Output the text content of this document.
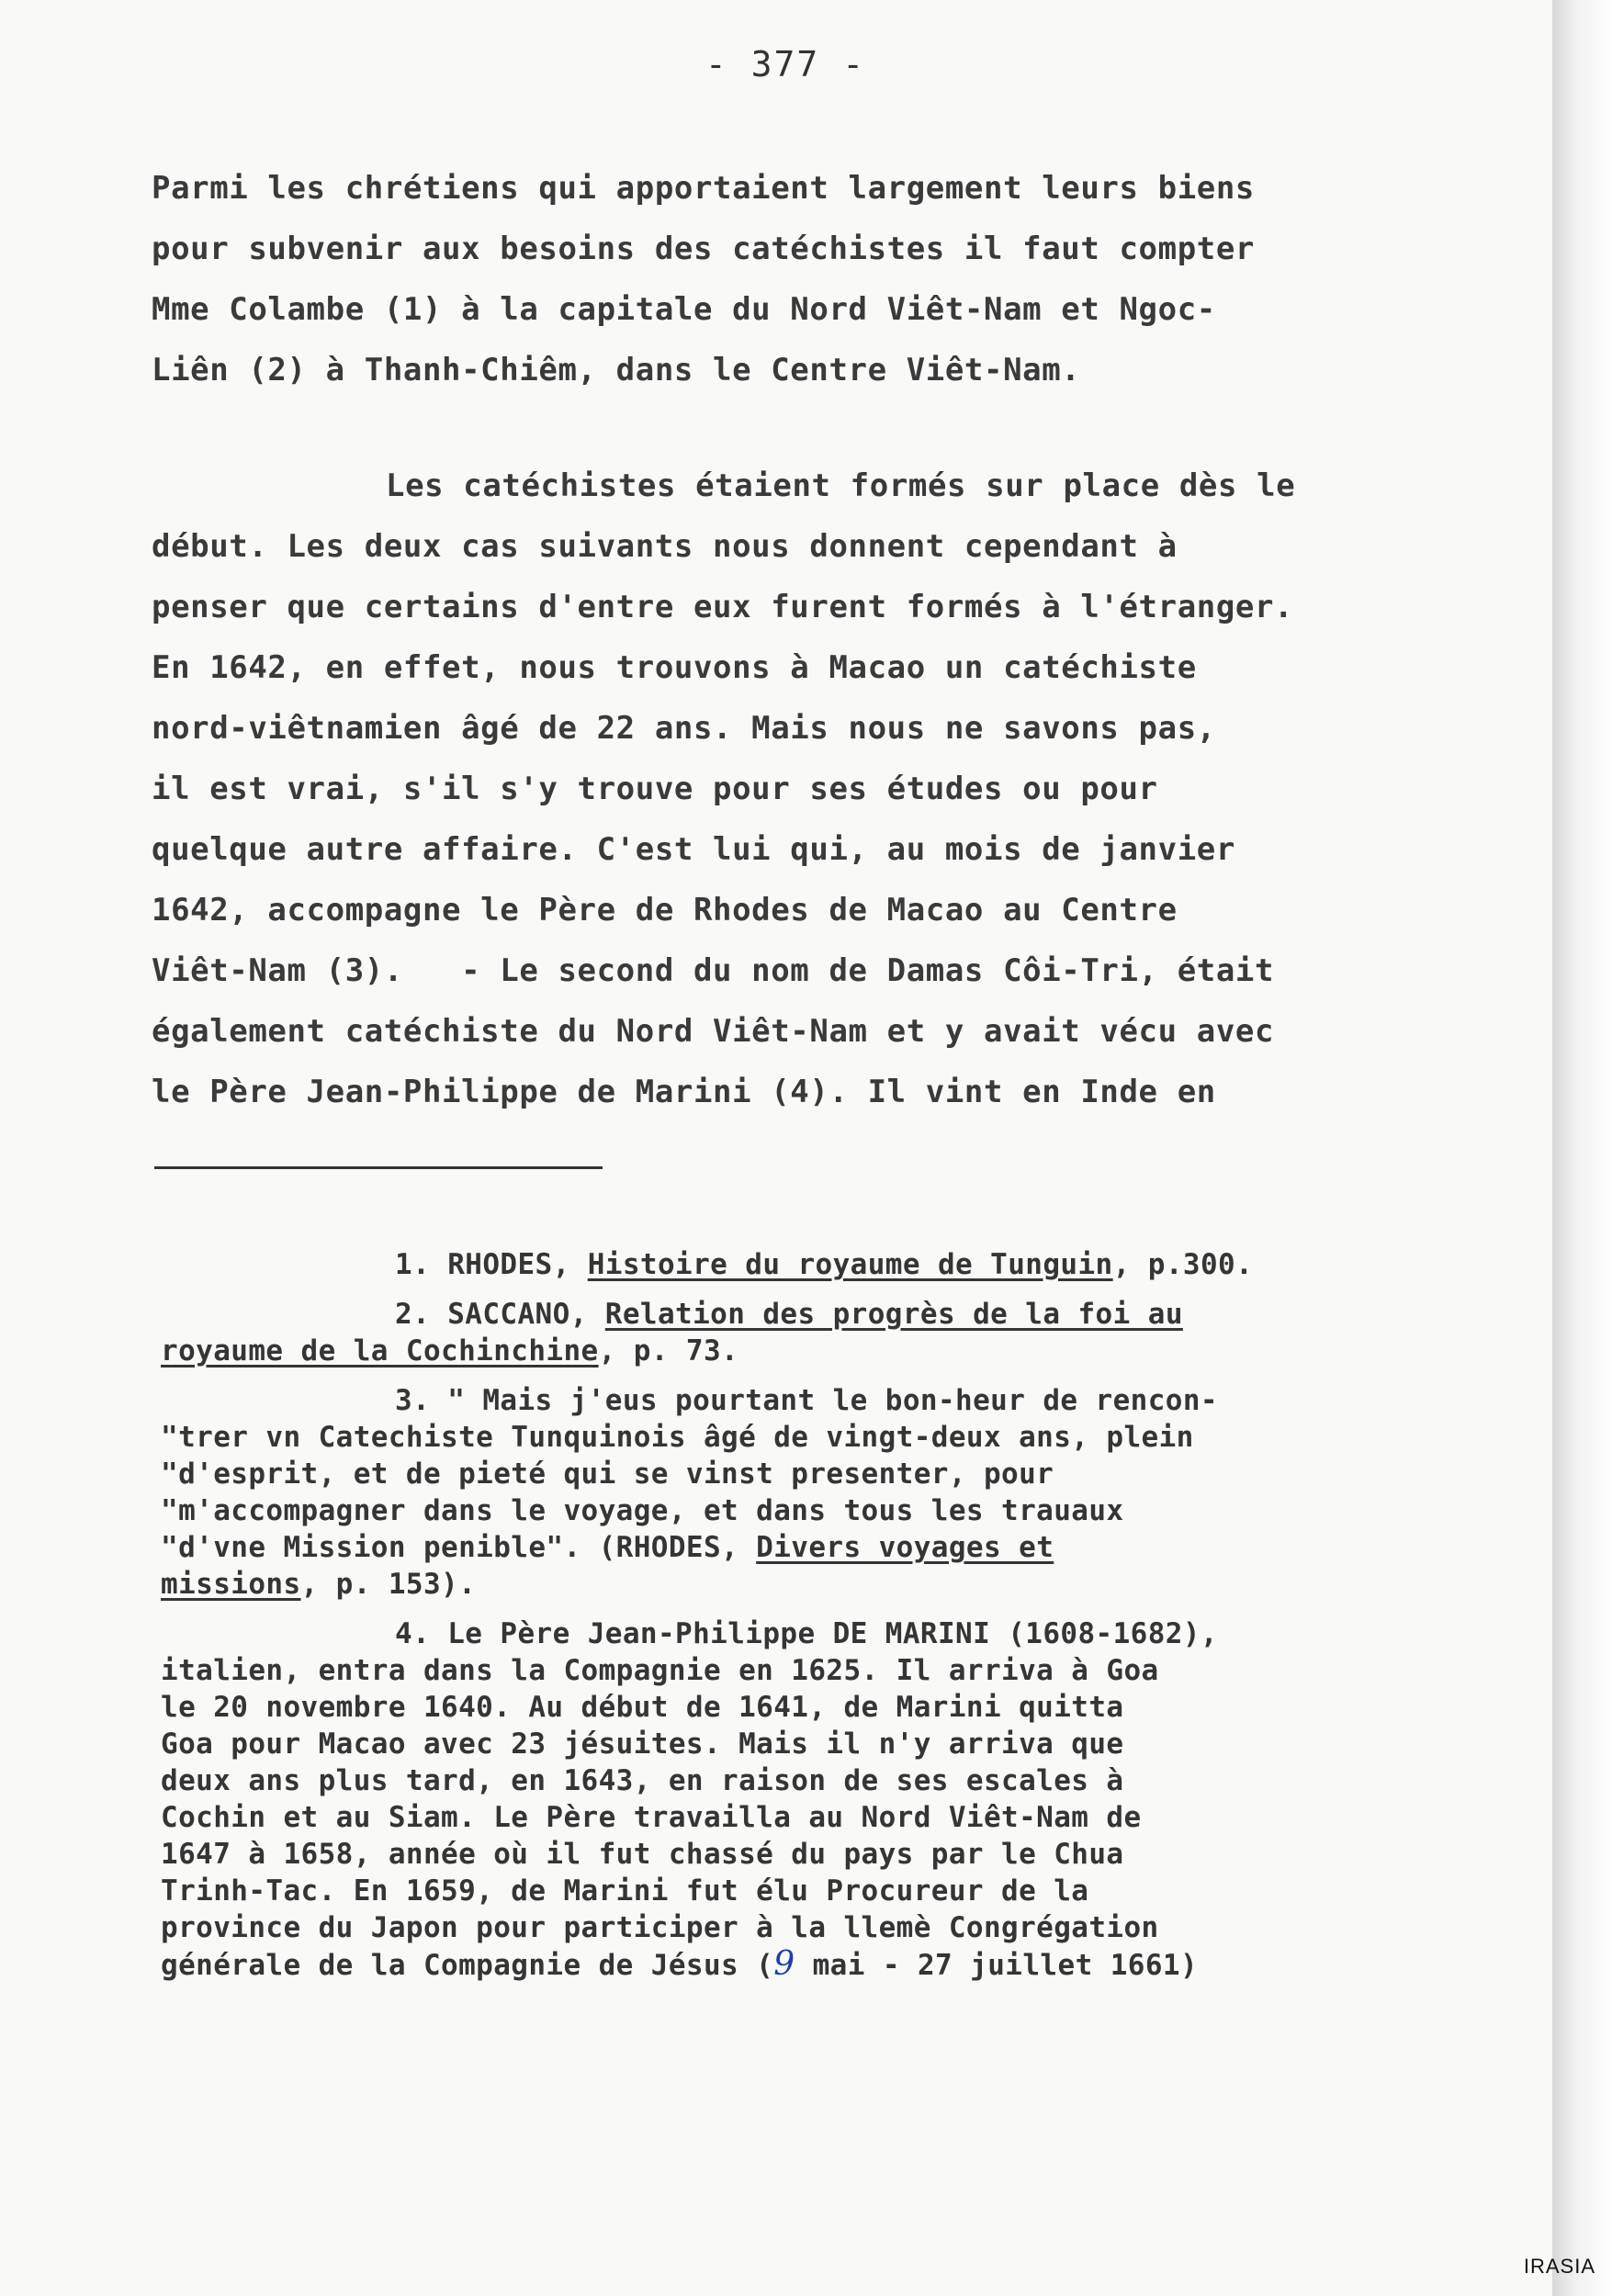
- 377 -
Parmi les chrétiens qui apportaient largement leurs biens
pour subvenir aux besoins des catéchistes il faut compter
Mme Colambe (1) à la capitale du Nord Viêt-Nam et Ngoc-
Liên (2) à Thanh-Chiêm, dans le Centre Viêt-Nam.
Les catéchistes étaient formés sur place dès le
début. Les deux cas suivants nous donnent cependant à
penser que certains d'entre eux furent formés à l'étranger.
En 1642, en effet, nous trouvons à Macao un catéchiste
nord-viêtnamien âgé de 22 ans. Mais nous ne savons pas,
il est vrai, s'il s'y trouve pour ses études ou pour
quelque autre affaire. C'est lui qui, au mois de janvier
1642, accompagne le Père de Rhodes de Macao au Centre
Viêt-Nam (3).   - Le second du nom de Damas Côi-Tri, était
également catéchiste du Nord Viêt-Nam et y avait vécu avec
le Père Jean-Philippe de Marini (4). Il vint en Inde en
1. RHODES, Histoire du royaume de Tunguin, p.300.
2. SACCANO, Relation des progrès de la foi au
royaume de la Cochinchine, p. 73.
3. " Mais j'eus pourtant le bon-heur de rencon-
"trer vn Catechiste Tunquinois âgé de vingt-deux ans, plein
"d'esprit, et de pieté qui se vinst presenter, pour
"m'accompagner dans le voyage, et dans tous les trauaux
"d'vne Mission penible". (RHODES, Divers voyages et
missions, p. 153).
4. Le Père Jean-Philippe DE MARINI (1608-1682),
italien, entra dans la Compagnie en 1625. Il arriva à Goa
le 20 novembre 1640. Au début de 1641, de Marini quitta
Goa pour Macao avec 23 jésuites. Mais il n'y arriva que
deux ans plus tard, en 1643, en raison de ses escales à
Cochin et au Siam. Le Père travailla au Nord Viêt-Nam de
1647 à 1658, année où il fut chassé du pays par le Chua
Trinh-Tac. En 1659, de Marini fut élu Procureur de la
province du Japon pour participer à la llemè Congrégation
générale de la Compagnie de Jésus (9 mai - 27 juillet 1661)
IRASIA
